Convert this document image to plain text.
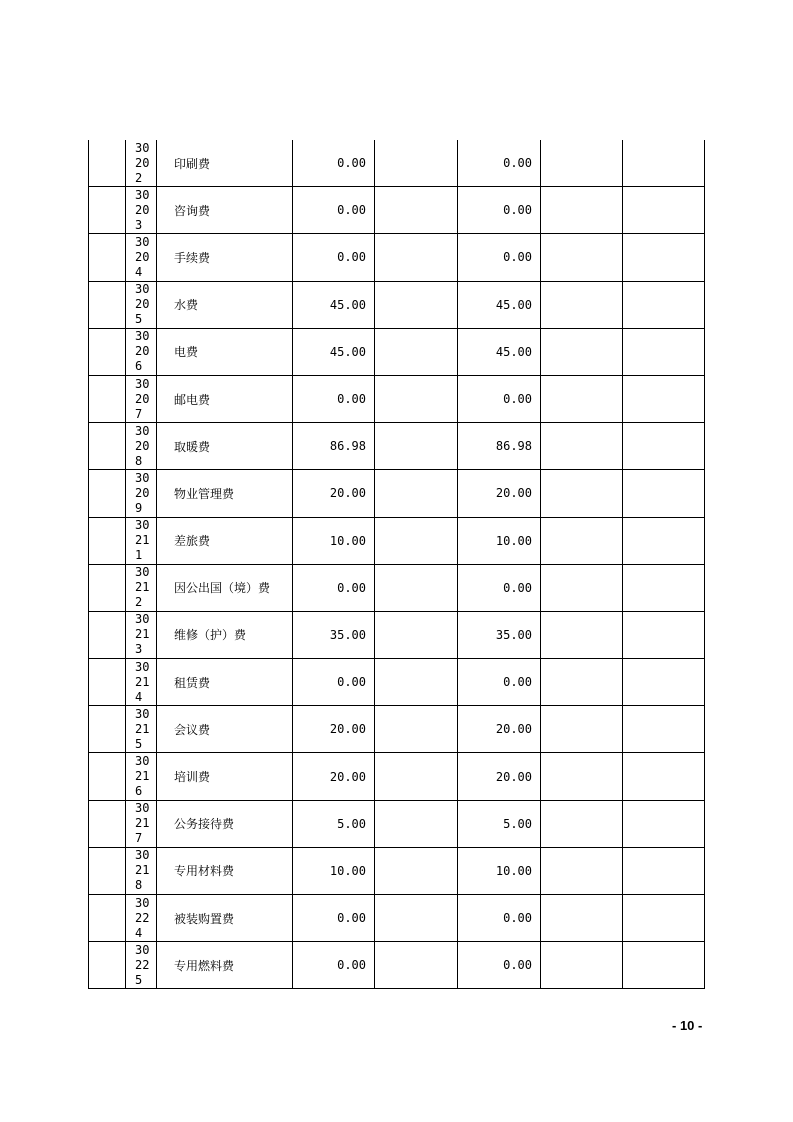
	30
20
2	印刷费	0.00		0.00		

	30
20
3	咨询费	0.00		0.00		

	30
20
4	手续费	0.00		0.00		

	30
20
5	水费	45.00		45.00		

	30
20
6	电费	45.00		45.00		

	30
20
7	邮电费	0.00		0.00		

	30
20
8	取暖费	86.98		86.98		

	30
20
9	物业管理费	20.00		20.00		

	30
21
1	差旅费	10.00		10.00		

	30
21
2	因公出国（境）费	0.00		0.00		

	30
21
3	维修（护）费	35.00		35.00		

	30
21
4	租赁费	0.00		0.00		

	30
21
5	会议费	20.00		20.00		

	30
21
6	培训费	20.00		20.00		

	30
21
7	公务接待费	5.00		5.00		

	30
21
8	专用材料费	10.00		10.00		

	30
22
4	被装购置费	0.00		0.00		

	30
22
5	专用燃料费	0.00		0.00		
- 10 -
